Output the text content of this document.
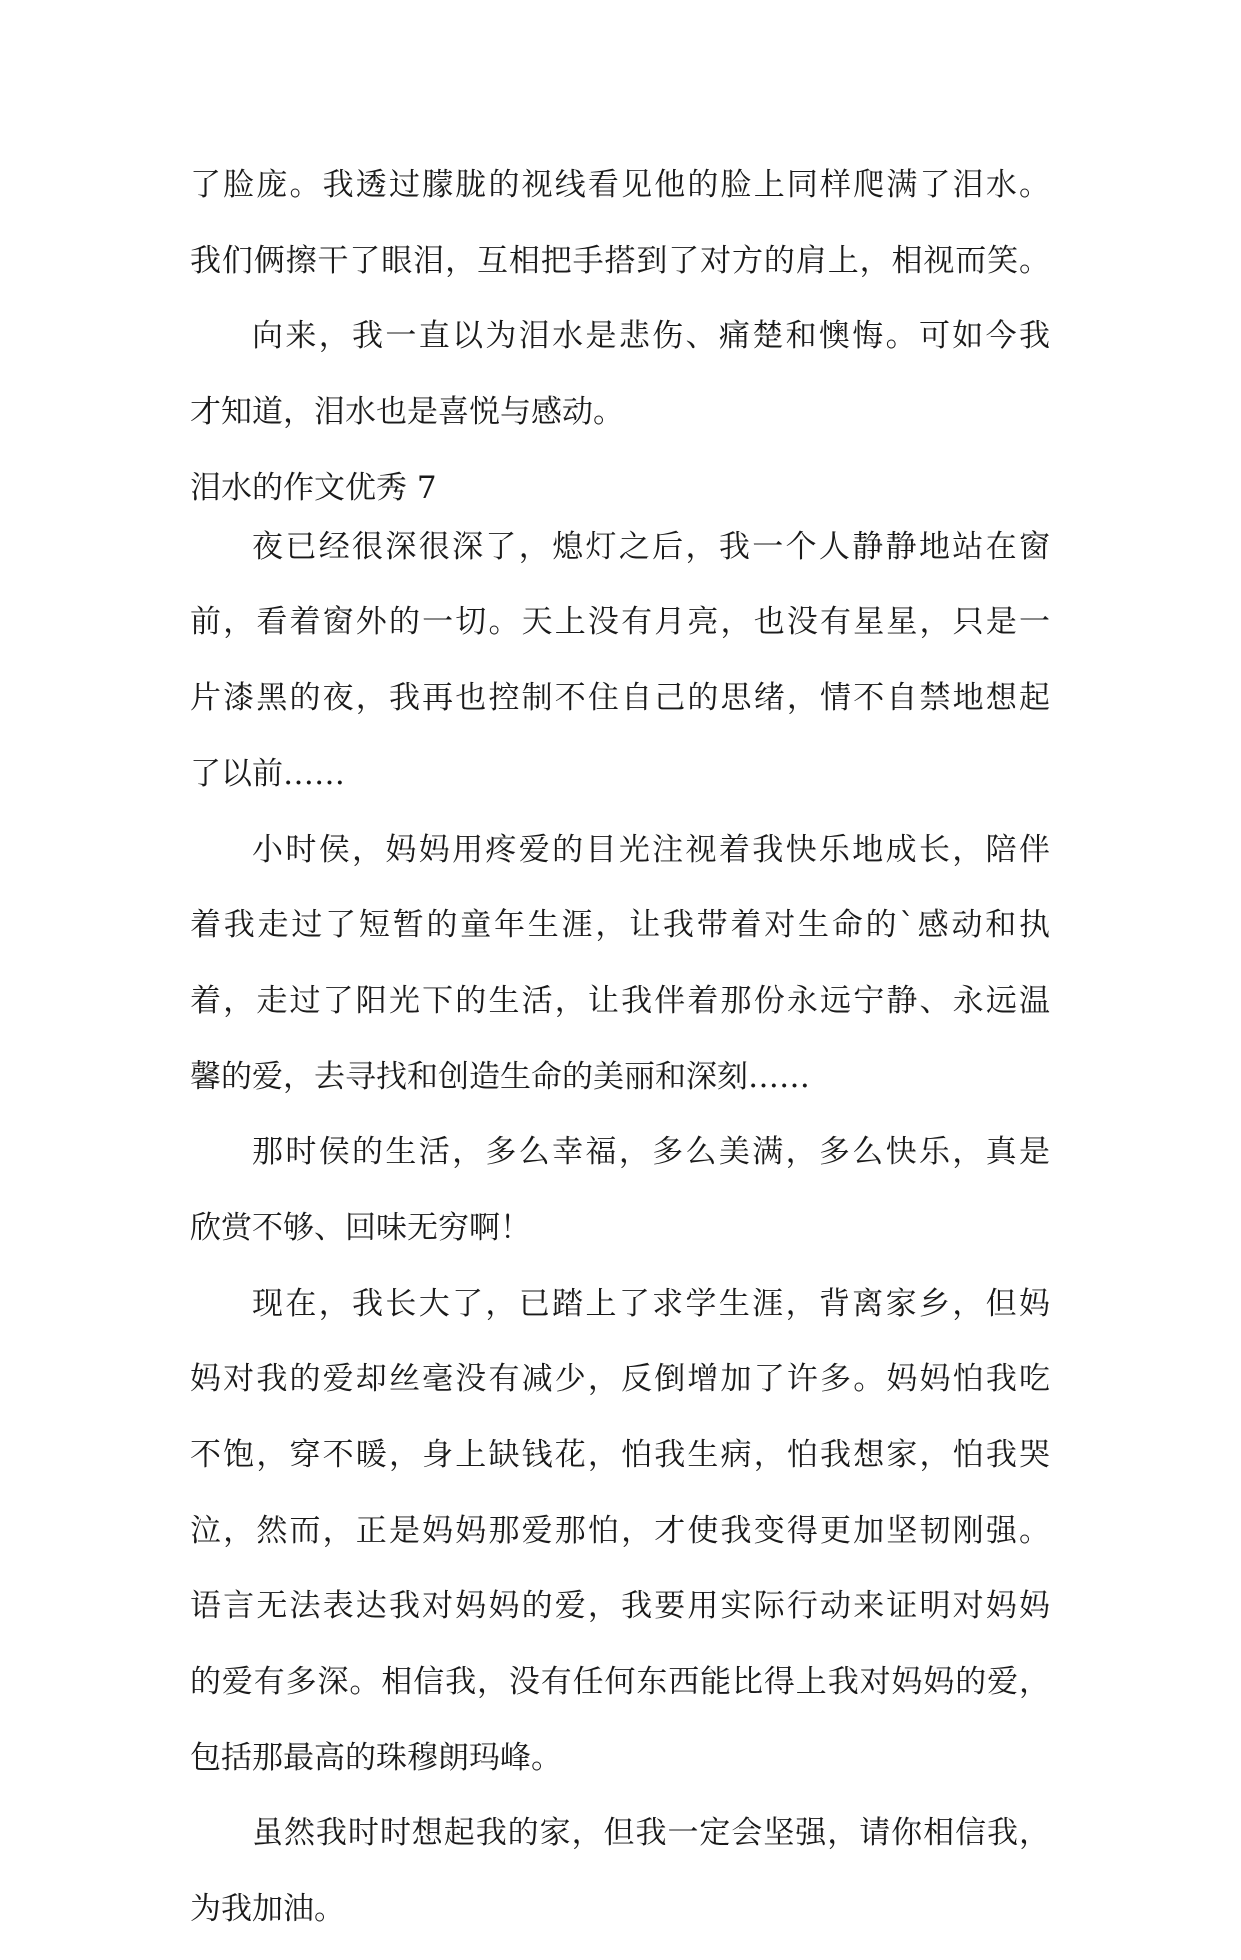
了脸庞。我透过朦胧的视线看见他的脸上同样爬满了泪水。
我们俩擦干了眼泪，互相把手搭到了对方的肩上，相视而笑。
向来，我一直以为泪水是悲伤、痛楚和懊悔。可如今我
才知道，泪水也是喜悦与感动。
泪水的作文优秀 7
夜已经很深很深了，熄灯之后，我一个人静静地站在窗
前，看着窗外的一切。天上没有月亮，也没有星星，只是一
片漆黑的夜，我再也控制不住自己的思绪，情不自禁地想起
了以前……
小时侯，妈妈用疼爱的目光注视着我快乐地成长，陪伴
着我走过了短暂的童年生涯，让我带着对生命的`感动和执
着，走过了阳光下的生活，让我伴着那份永远宁静、永远温
馨的爱，去寻找和创造生命的美丽和深刻……
那时侯的生活，多么幸福，多么美满，多么快乐，真是
欣赏不够、回味无穷啊！
现在，我长大了，已踏上了求学生涯，背离家乡，但妈
妈对我的爱却丝毫没有减少，反倒增加了许多。妈妈怕我吃
不饱，穿不暖，身上缺钱花，怕我生病，怕我想家，怕我哭
泣，然而，正是妈妈那爱那怕，才使我变得更加坚韧刚强。
语言无法表达我对妈妈的爱，我要用实际行动来证明对妈妈
的爱有多深。相信我，没有任何东西能比得上我对妈妈的爱，
包括那最高的珠穆朗玛峰。
虽然我时时想起我的家，但我一定会坚强，请你相信我，
为我加油。
